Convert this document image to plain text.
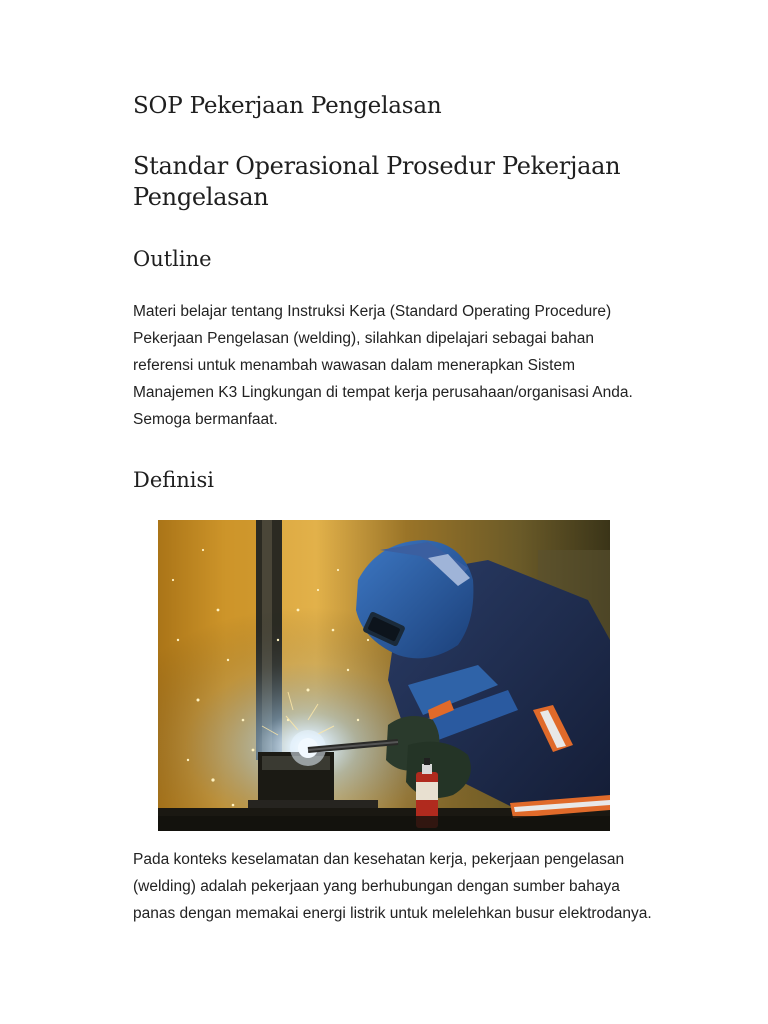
SOP Pekerjaan Pengelasan
Standar Operasional Prosedur Pekerjaan Pengelasan
Outline

Materi belajar tentang Instruksi Kerja (Standard Operating Procedure) Pekerjaan Pengelasan (welding), silahkan dipelajari sebagai bahan referensi untuk menambah wawasan dalam menerapkan Sistem Manajemen K3 Lingkungan di tempat kerja perusahaan/organisasi Anda. Semoga bermanfaat.

Definisi

Pada konteks keselamatan dan kesehatan kerja, pekerjaan pengelasan (welding) adalah pekerjaan yang berhubungan dengan sumber bahaya panas dengan memakai energi listrik untuk melelehkan busur elektrodanya.
